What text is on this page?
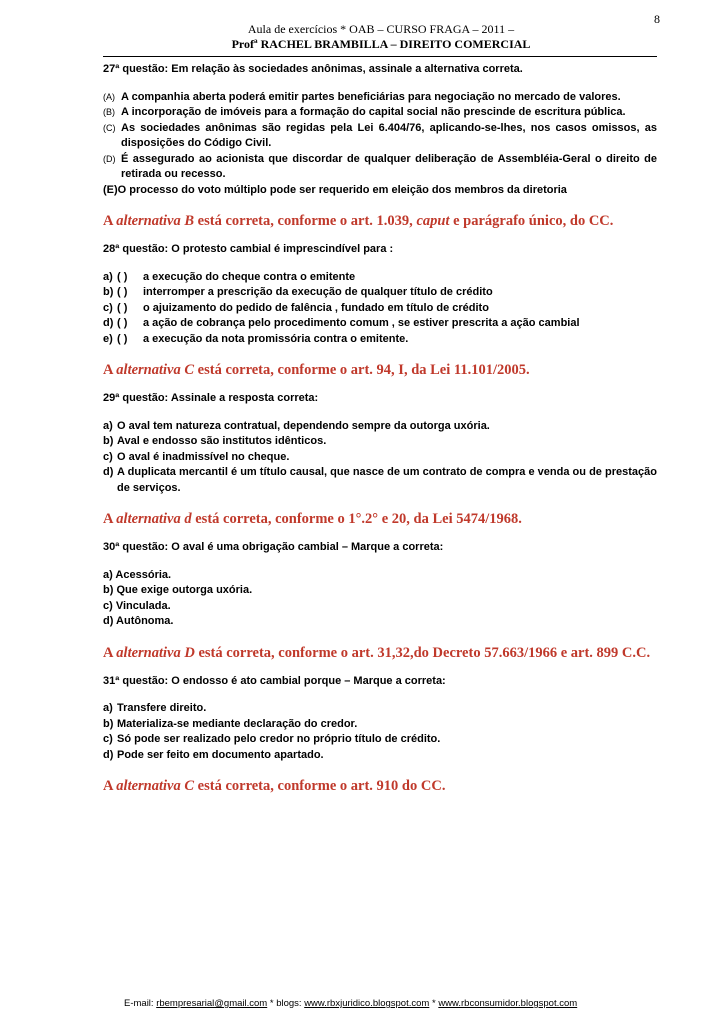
8
Aula de exercícios * OAB – CURSO FRAGA – 2011 –
Profª RACHEL BRAMBILLA – DIREITO COMERCIAL
27ª questão: Em relação às sociedades anônimas, assinale a alternativa correta.
(A) A companhia aberta poderá emitir partes beneficiárias para negociação no mercado de valores.
(B) A incorporação de imóveis para a formação do capital social não prescinde de escritura pública.
(C) As sociedades anônimas são regidas pela Lei 6.404/76, aplicando-se-lhes, nos casos omissos, as disposições do Código Civil.
(D) É assegurado ao acionista que discordar de qualquer deliberação de Assembléia-Geral o direito de retirada ou recesso.
(E)O processo do voto múltiplo pode ser requerido em eleição dos membros da diretoria
A alternativa B está correta, conforme o art. 1.039, caput e parágrafo único, do CC.
28ª questão: O protesto cambial é imprescindível para :
a) ( )	a execução do cheque contra o emitente
b) ( )	interromper a prescrição da execução de qualquer título de crédito
c) ( )	o ajuizamento do pedido de falência , fundado em título de crédito
d) ( )	a ação de cobrança pelo procedimento comum , se estiver prescrita a ação cambial
e) ( )	a execução da nota promissória contra o emitente.
A alternativa C está correta, conforme o art. 94, I, da Lei 11.101/2005.
29ª questão: Assinale a resposta correta:
a) O aval tem natureza contratual, dependendo sempre da outorga uxória.
b) Aval e endosso são institutos idênticos.
c) O aval é inadmissível no cheque.
d) A duplicata mercantil é um título causal, que nasce de um contrato de compra e venda ou de prestação de serviços.
A alternativa d está correta, conforme o 1°.2° e 20, da Lei 5474/1968.
30ª questão: O aval é uma obrigação cambial – Marque a correta:
a) Acessória.
b) Que exige outorga uxória.
c) Vinculada.
d) Autônoma.
A alternativa D está correta, conforme o art. 31,32,do Decreto 57.663/1966 e art. 899 C.C.
31ª questão: O endosso é ato cambial porque – Marque a correta:
a) Transfere direito.
b) Materializa-se mediante declaração do credor.
c) Só pode ser realizado pelo credor no próprio título de crédito.
d) Pode ser feito em documento apartado.
A alternativa C está correta, conforme o art. 910 do CC.
E-mail: rbempresarial@gmail.com * blogs: www.rbxjuridico.blogspot.com * www.rbconsumidor.blogspot.com
